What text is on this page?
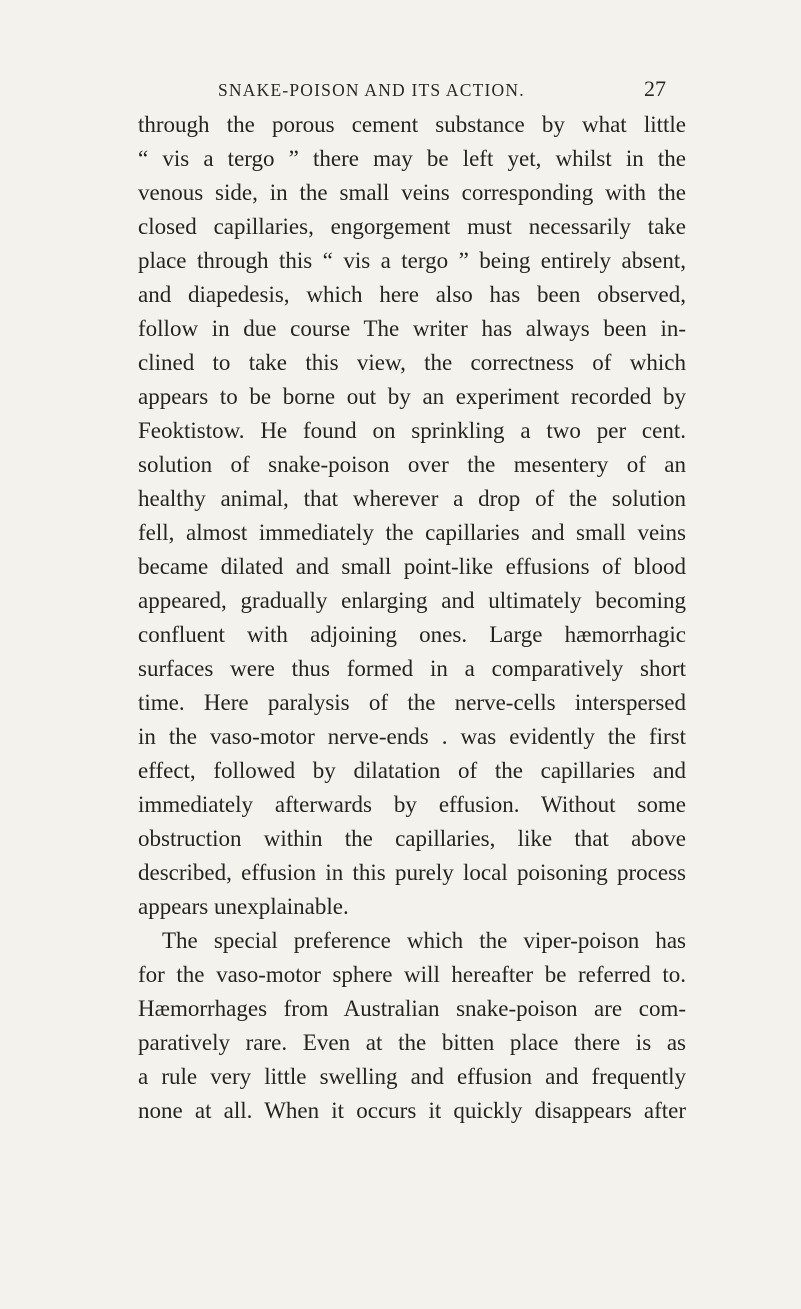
SNAKE-POISON AND ITS ACTION.	27
through the porous cement substance by what little
“ vis a tergo ” there may be left yet, whilst in the
venous side, in the small veins corresponding with the
closed capillaries, engorgement must necessarily take
place through this “ vis a tergo ” being entirely absent,
and diapedesis, which here also has been observed,
follow in due course The writer has always been in-
clined to take this view, the correctness of which
appears to be borne out by an experiment recorded by
Feoktistow. He found on sprinkling a two per cent.
solution of snake-poison over the mesentery of an
healthy animal, that wherever a drop of the solution
fell, almost immediately the capillaries and small veins
became dilated and small point-like effusions of blood
appeared, gradually enlarging and ultimately becoming
confluent with adjoining ones. Large hæmorrhagic
surfaces were thus formed in a comparatively short
time. Here paralysis of the nerve-cells interspersed
in the vaso-motor nerve-ends . was evidently the first
effect, followed by dilatation of the capillaries and
immediately afterwards by effusion. Without some
obstruction within the capillaries, like that above
described, effusion in this purely local poisoning process
appears unexplainable.
The special preference which the viper-poison has
for the vaso-motor sphere will hereafter be referred to.
Hæmorrhages from Australian snake-poison are com-
paratively rare. Even at the bitten place there is as
a rule very little swelling and effusion and frequently
none at all. When it occurs it quickly disappears after
